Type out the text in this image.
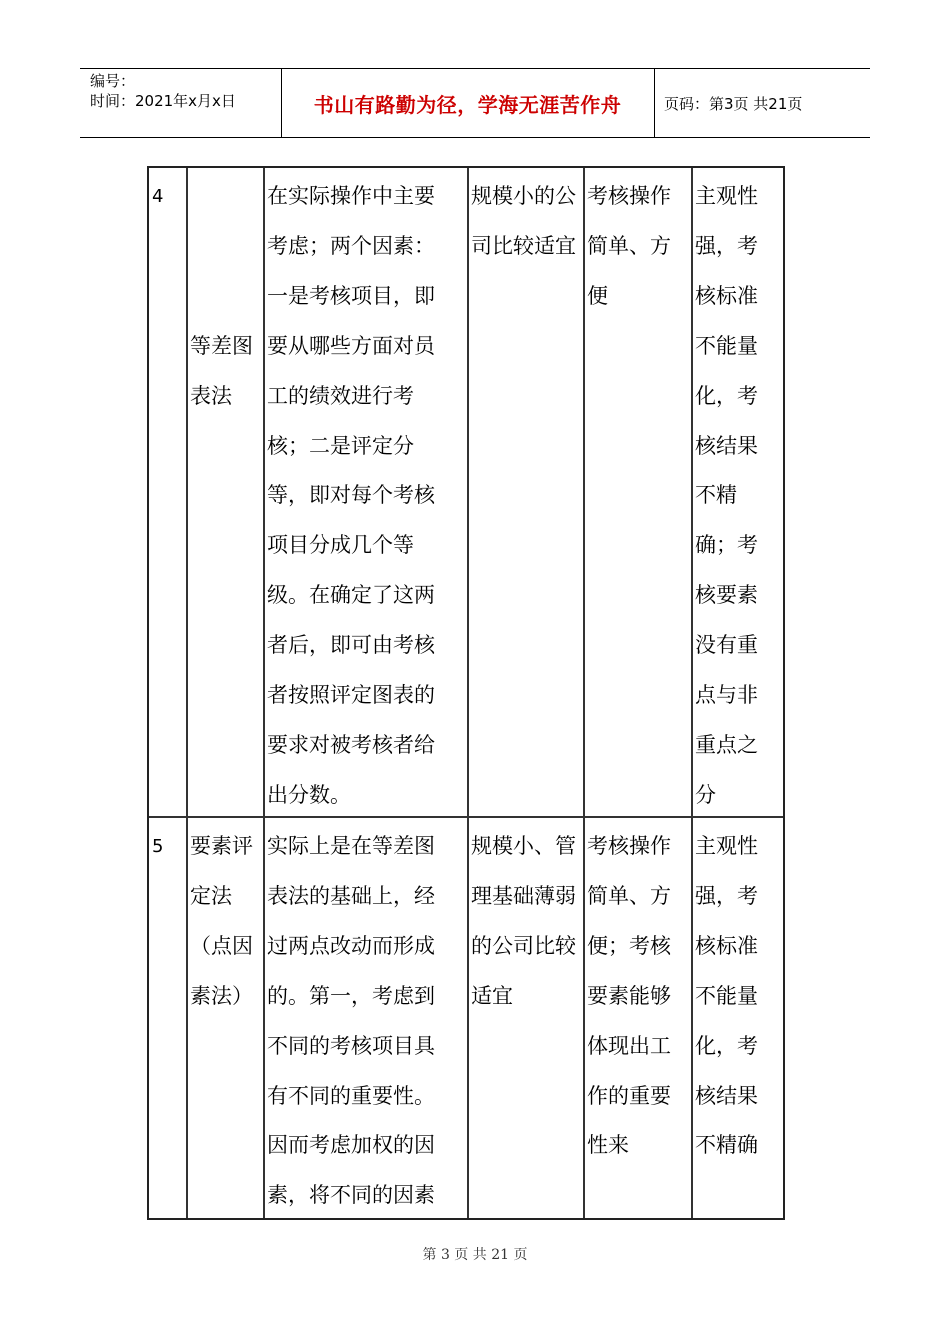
编号：
时间：2021年x月x日	书山有路勤为径，学海无涯苦作舟	页码：第3页 共21页
4

等差图
表法
在实际操作中主要
考虑；两个因素：
一是考核项目，即
要从哪些方面对员
工的绩效进行考
核；二是评定分
等，即对每个考核
项目分成几个等
级。在确定了这两
者后，即可由考核
者按照评定图表的
要求对被考核者给
出分数。
规模小的公
司比较适宜
考核操作
简单、方
便
主观性
强，考
核标准
不能量
化，考
核结果
不精
确；考
核要素
没有重
点与非
重点之
分
5 要素评
定法
（点因
素法）
实际上是在等差图
表法的基础上，经
过两点改动而形成
的。第一，考虑到
不同的考核项目具
有不同的重要性。
因而考虑加权的因
素，将不同的因素
规模小、管
理基础薄弱
的公司比较
适宜
考核操作
简单、方
便；考核
要素能够
体现出工
作的重要
性来
主观性
强，考
核标准
不能量
化，考
核结果
不精确
第 3 页 共 21 页
